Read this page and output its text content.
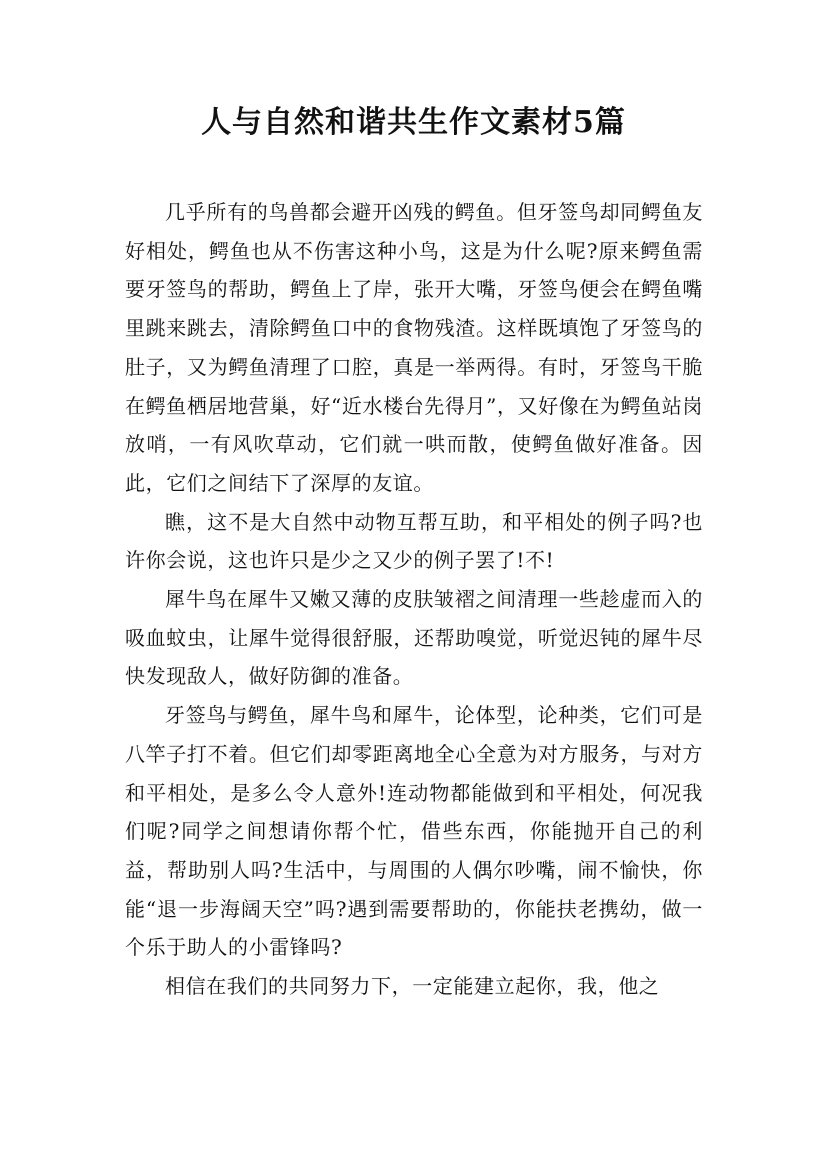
人与自然和谐共生作文素材5篇

几乎所有的鸟兽都会避开凶残的鳄鱼。但牙签鸟却同鳄鱼友好相处，鳄鱼也从不伤害这种小鸟，这是为什么呢?原来鳄鱼需要牙签鸟的帮助，鳄鱼上了岸，张开大嘴，牙签鸟便会在鳄鱼嘴里跳来跳去，清除鳄鱼口中的食物残渣。这样既填饱了牙签鸟的肚子，又为鳄鱼清理了口腔，真是一举两得。有时，牙签鸟干脆在鳄鱼栖居地营巢，好“近水楼台先得月”，又好像在为鳄鱼站岗放哨，一有风吹草动，它们就一哄而散，使鳄鱼做好准备。因此，它们之间结下了深厚的友谊。

瞧，这不是大自然中动物互帮互助，和平相处的例子吗?也许你会说，这也许只是少之又少的例子罢了!不!

犀牛鸟在犀牛又嫩又薄的皮肤皱褶之间清理一些趁虚而入的吸血蚊虫，让犀牛觉得很舒服，还帮助嗅觉，听觉迟钝的犀牛尽快发现敌人，做好防御的准备。

牙签鸟与鳄鱼，犀牛鸟和犀牛，论体型，论种类，它们可是八竿子打不着。但它们却零距离地全心全意为对方服务，与对方和平相处，是多么令人意外!连动物都能做到和平相处，何况我们呢?同学之间想请你帮个忙，借些东西，你能抛开自己的利益，帮助别人吗?生活中，与周围的人偶尔吵嘴，闹不愉快，你能“退一步海阔天空”吗?遇到需要帮助的，你能扶老携幼，做一个乐于助人的小雷锋吗?

相信在我们的共同努力下，一定能建立起你，我，他之
